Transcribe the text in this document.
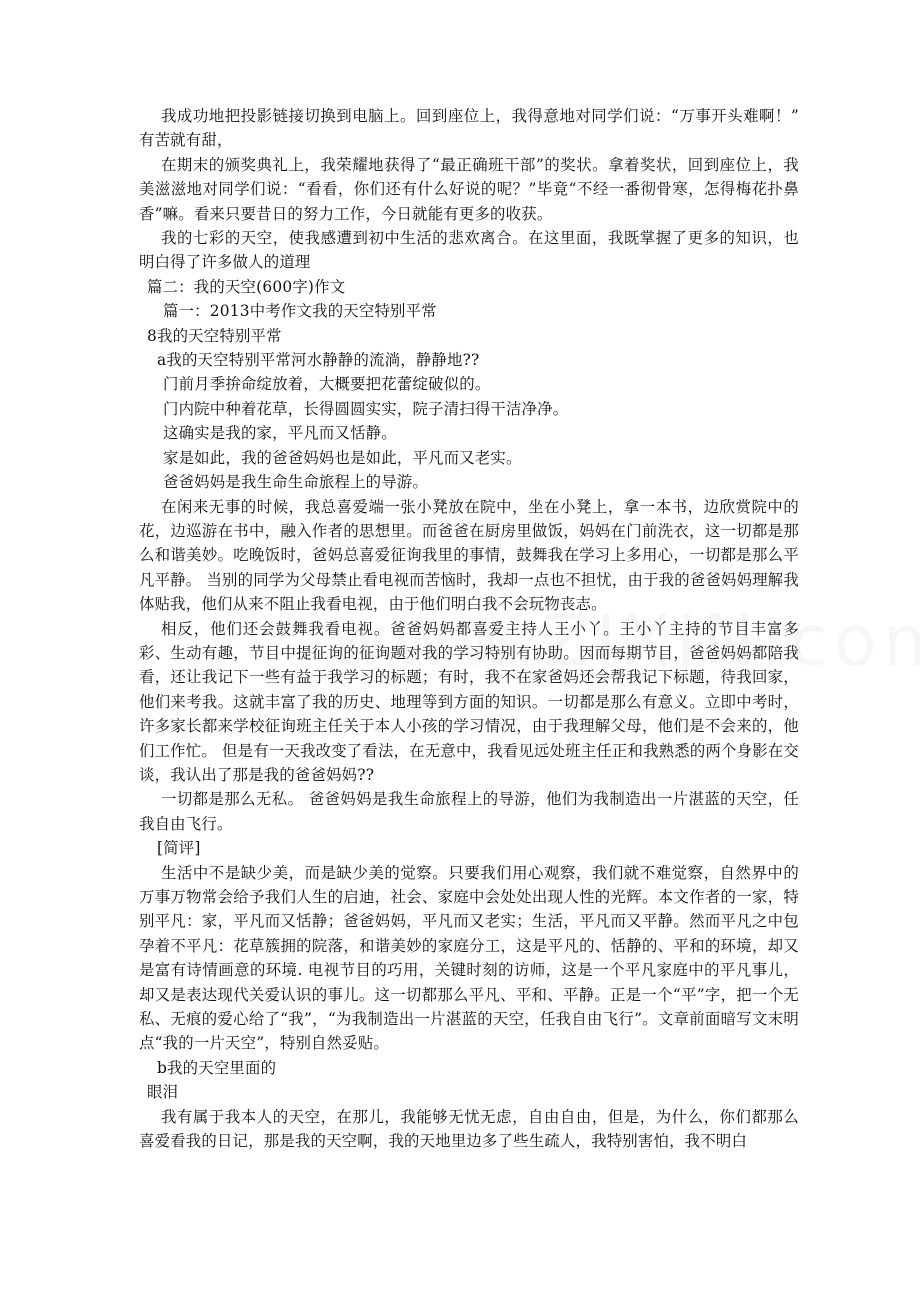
我成功地把投影链接切换到电脑上。回到座位上，我得意地对同学们说：“万事开头难啊！” 有苦就有甜，
在期末的颁奖典礼上，我荣耀地获得了“最正确班干部”的奖状。拿着奖状，回到座位上，我美滋滋地对同学们说：“看看，你们还有什么好说的呢？”毕竟“不经一番彻骨寒，怎得梅花扑鼻香”嘛。看来只要昔日的努力工作，今日就能有更多的收获。
我的七彩的天空，使我感遭到初中生活的悲欢离合。在这里面，我既掌握了更多的知识，也明白得了许多做人的道理
篇二：我的天空(600字)作文
篇一：2013中考作文我的天空特别平常
8我的天空特别平常
a我的天空特别平常河水静静的流淌，静静地??
门前月季拚命绽放着，大概要把花蕾绽破似的。
门内院中种着花草，长得圆圆实实，院子清扫得干洁净净。
这确实是我的家，平凡而又恬静。
家是如此，我的爸爸妈妈也是如此，平凡而又老实。
爸爸妈妈是我生命生命旅程上的导游。
在闲来无事的时候，我总喜爱端一张小凳放在院中，坐在小凳上，拿一本书，边欣赏院中的花，边巡游在书中，融入作者的思想里。而爸爸在厨房里做饭，妈妈在门前洗衣，这一切都是那么和谐美妙。吃晚饭时，爸妈总喜爱征询我里的事情，鼓舞我在学习上多用心，一切都是那么平凡平静。 当别的同学为父母禁止看电视而苦恼时，我却一点也不担忧，由于我的爸爸妈妈理解我体贴我，他们从来不阻止我看电视，由于他们明白我不会玩物丧志。
相反，他们还会鼓舞我看电视。爸爸妈妈都喜爱主持人王小丫。王小丫主持的节目丰富多彩、生动有趣，节目中提征询的征询题对我的学习特别有协助。因而每期节目，爸爸妈妈都陪我看，还让我记下一些有益于我学习的标题；有时，我不在家爸妈还会帮我记下标题，待我回家，他们来考我。这就丰富了我的历史、地理等到方面的知识。一切都是那么有意义。立即中考时，许多家长都来学校征询班主任关于本人小孩的学习情况，由于我理解父母，他们是不会来的，他们工作忙。 但是有一天我改变了看法，在无意中，我看见远处班主任正和我熟悉的两个身影在交谈，我认出了那是我的爸爸妈妈??
一切都是那么无私。 爸爸妈妈是我生命旅程上的导游，他们为我制造出一片湛蓝的天空，任我自由飞行。
[简评]
生活中不是缺少美，而是缺少美的觉察。只要我们用心观察，我们就不难觉察，自然界中的万事万物常会给予我们人生的启迪，社会、家庭中会处处出现人性的光辉。本文作者的一家，特别平凡：家，平凡而又恬静；爸爸妈妈，平凡而又老实；生活，平凡而又平静。然而平凡之中包孕着不平凡：花草簇拥的院落，和谐美妙的家庭分工，这是平凡的、恬静的、平和的环境，却又是富有诗情画意的环境. 电视节目的巧用，关键时刻的访师，这是一个平凡家庭中的平凡事儿，却又是表达现代关爱认识的事儿。这一切都那么平凡、平和、平静。正是一个“平”字，把一个无私、无痕的爱心给了“我”，“为我制造出一片湛蓝的天空，任我自由飞行”。文章前面暗写文末明点“我的一片天空”，特别自然妥贴。
b我的天空里面的
眼泪
我有属于我本人的天空，在那儿，我能够无忧无虑，自由自由，但是，为什么，你们都那么喜爱看我的日记，那是我的天空啊，我的天地里边多了些生疏人，我特别害怕，我不明白
